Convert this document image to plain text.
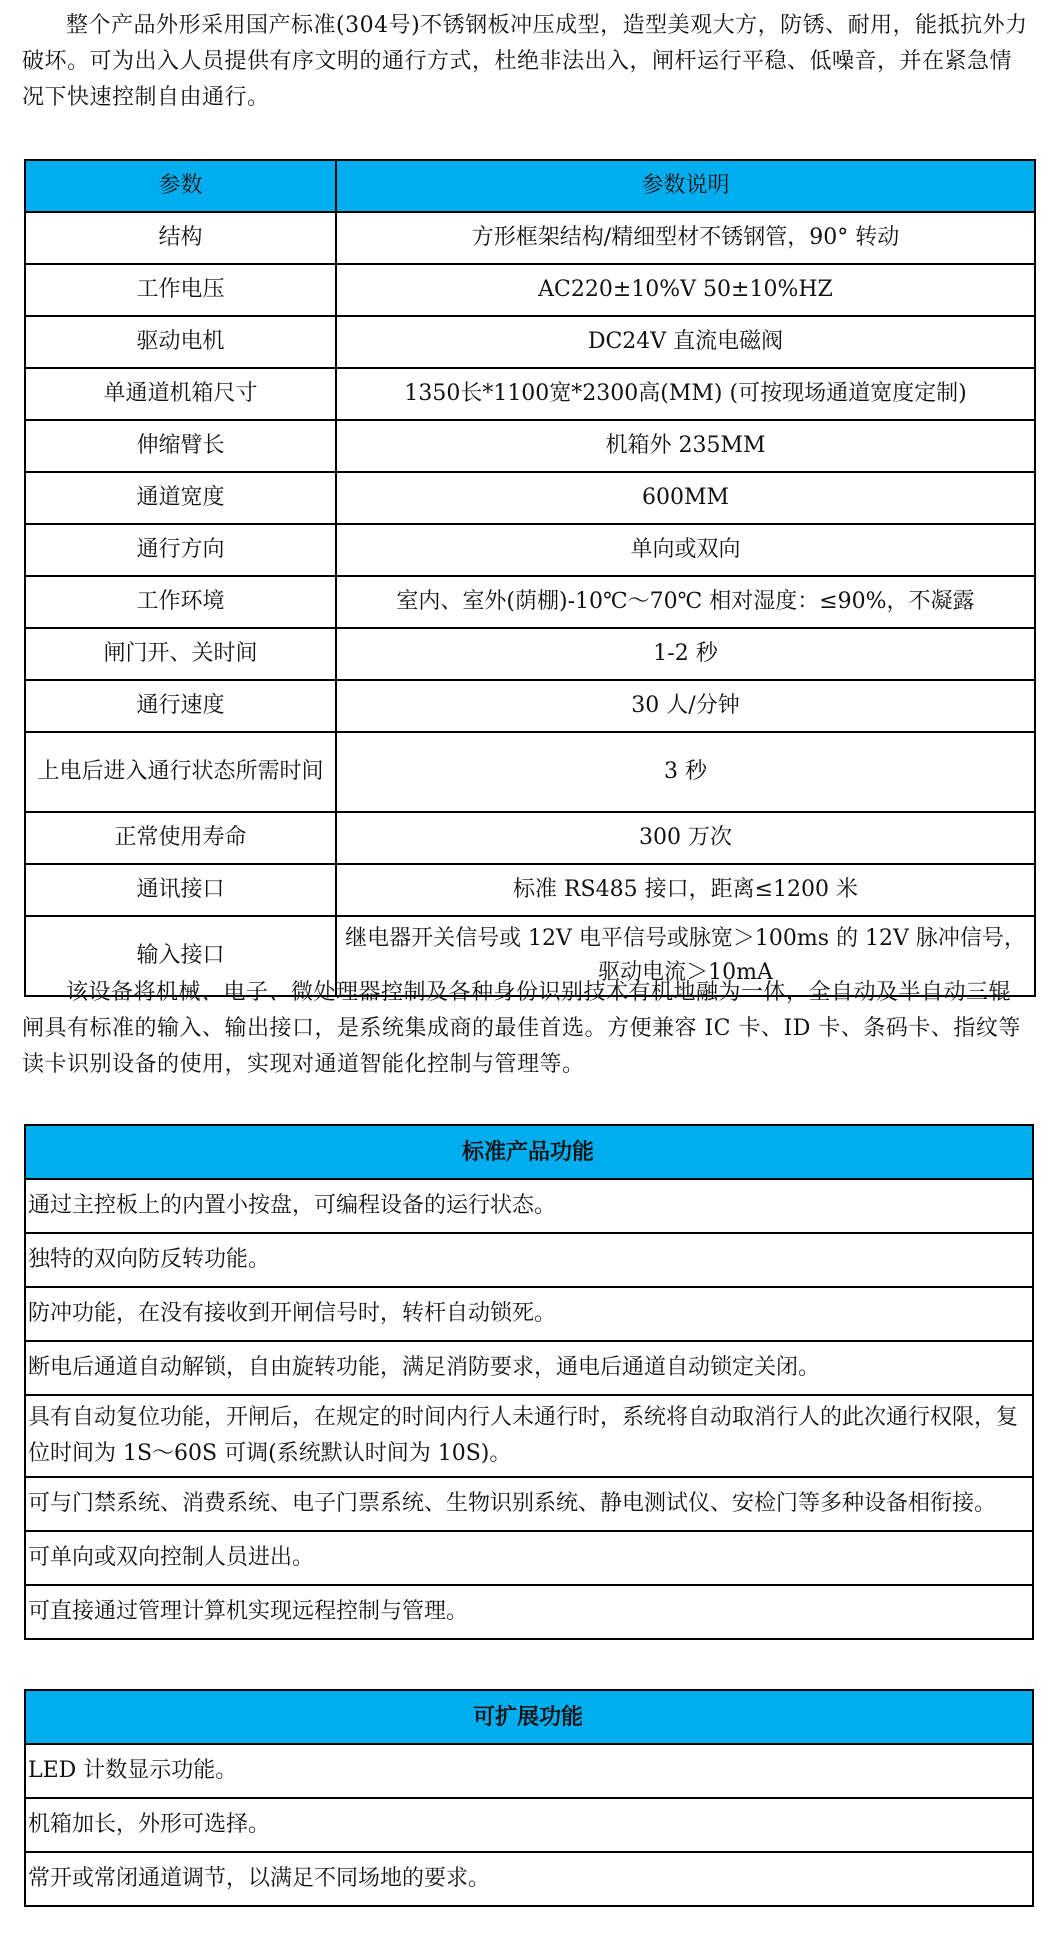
整个产品外形采用国产标准(304号)不锈钢板冲压成型，造型美观大方，防锈、耐用，能抵抗外力破坏。可为出入人员提供有序文明的通行方式，杜绝非法出入，闸杆运行平稳、低噪音，并在紧急情况下快速控制自由通行。

参数	参数说明
结构	方形框架结构/精细型材不锈钢管，90° 转动
工作电压	AC220±10%V 50±10%HZ
驱动电机	DC24V 直流电磁阀
单通道机箱尺寸	1350长*1100宽*2300高(MM) (可按现场通道宽度定制)
伸缩臂长	机箱外 235MM
通道宽度	600MM
通行方向	单向或双向
工作环境	室内、室外(荫棚)-10℃～70℃ 相对湿度：≤90%，不凝露
闸门开、关时间	1-2 秒
通行速度	30 人/分钟
上电后进入通行状态所需时间	3 秒
正常使用寿命	300 万次
通讯接口	标准 RS485 接口，距离≤1200 米
输入接口	继电器开关信号或 12V 电平信号或脉宽＞100ms 的 12V 脉冲信号，驱动电流＞10mA

该设备将机械、电子、微处理器控制及各种身份识别技术有机地融为一体，全自动及半自动三辊闸具有标准的输入、输出接口，是系统集成商的最佳首选。方便兼容 IC 卡、ID 卡、条码卡、指纹等读卡识别设备的使用，实现对通道智能化控制与管理等。

标准产品功能
通过主控板上的内置小按盘，可编程设备的运行状态。
独特的双向防反转功能。
防冲功能，在没有接收到开闸信号时，转杆自动锁死。
断电后通道自动解锁，自由旋转功能，满足消防要求，通电后通道自动锁定关闭。
具有自动复位功能，开闸后，在规定的时间内行人未通行时，系统将自动取消行人的此次通行权限，复位时间为 1S～60S 可调(系统默认时间为 10S)。
可与门禁系统、消费系统、电子门票系统、生物识别系统、静电测试仪、安检门等多种设备相衔接。
可单向或双向控制人员进出。
可直接通过管理计算机实现远程控制与管理。
可扩展功能
LED 计数显示功能。
机箱加长，外形可选择。
常开或常闭通道调节，以满足不同场地的要求。
